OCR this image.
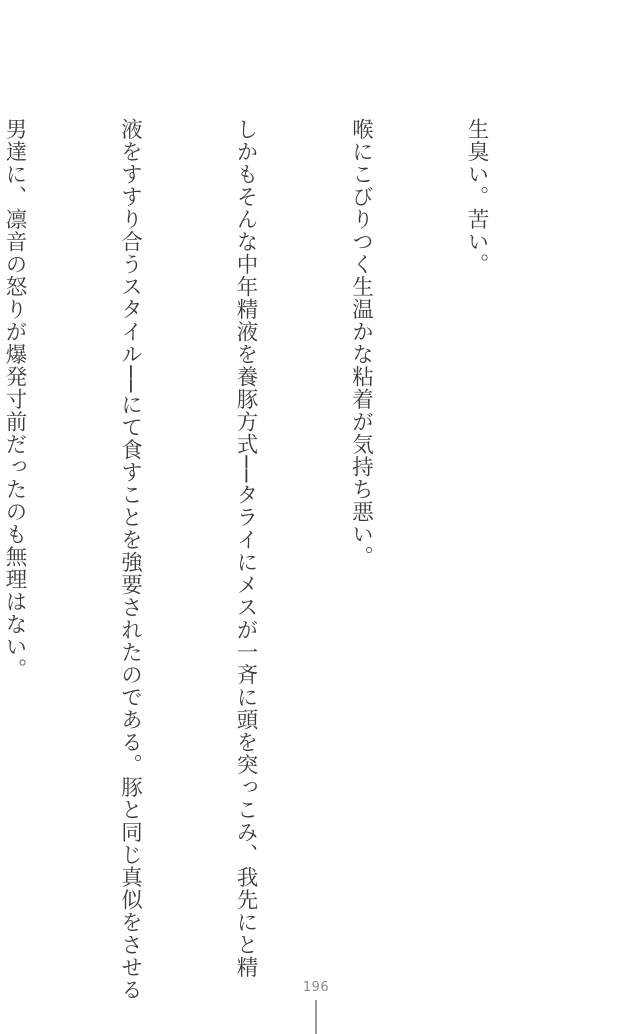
生臭い。苦い。

喉にこびりつく生温かな粘着が気持ち悪い。

しかもそんな中年精液を養豚方式──タライにメスが一斉に頭を突っこみ、我先にと精

液をすすり合うスタイル──にて食すことを強要されたのである。豚と同じ真似をさせる

男達に、凛音の怒りが爆発寸前だったのも無理はない。

196
